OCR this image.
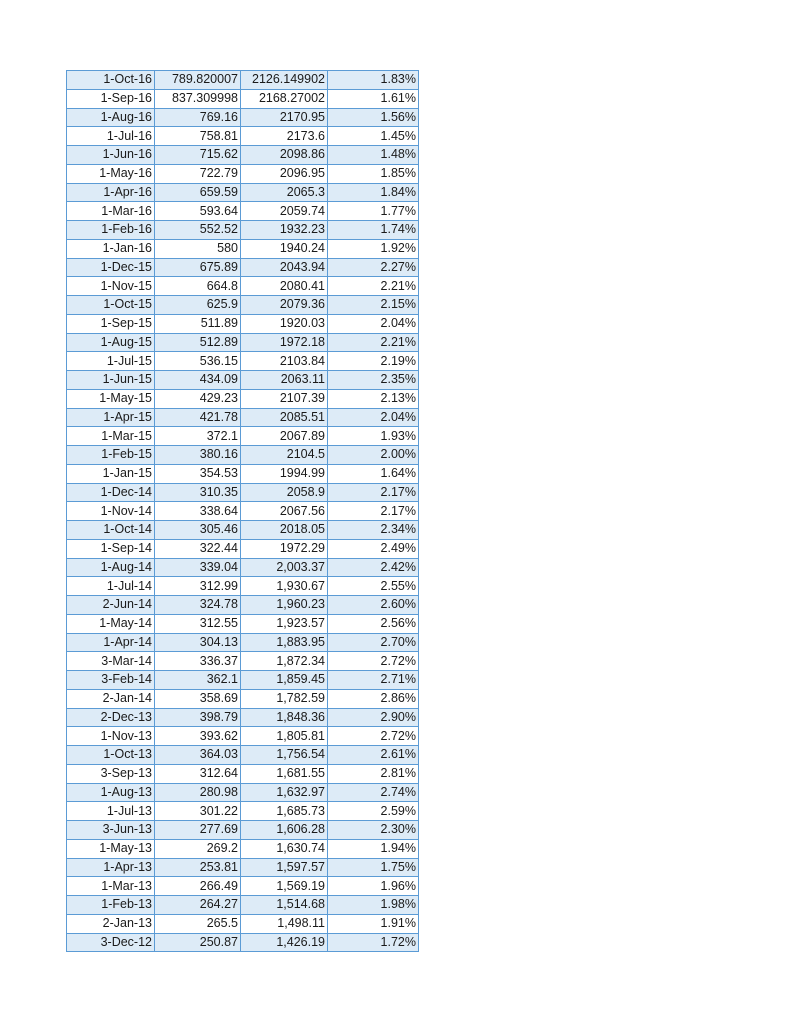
1-Oct-16	789.820007	2126.149902	1.83%
1-Sep-16	837.309998	2168.27002	1.61%
1-Aug-16	769.16	2170.95	1.56%
1-Jul-16	758.81	2173.6	1.45%
1-Jun-16	715.62	2098.86	1.48%
1-May-16	722.79	2096.95	1.85%
1-Apr-16	659.59	2065.3	1.84%
1-Mar-16	593.64	2059.74	1.77%
1-Feb-16	552.52	1932.23	1.74%
1-Jan-16	580	1940.24	1.92%
1-Dec-15	675.89	2043.94	2.27%
1-Nov-15	664.8	2080.41	2.21%
1-Oct-15	625.9	2079.36	2.15%
1-Sep-15	511.89	1920.03	2.04%
1-Aug-15	512.89	1972.18	2.21%
1-Jul-15	536.15	2103.84	2.19%
1-Jun-15	434.09	2063.11	2.35%
1-May-15	429.23	2107.39	2.13%
1-Apr-15	421.78	2085.51	2.04%
1-Mar-15	372.1	2067.89	1.93%
1-Feb-15	380.16	2104.5	2.00%
1-Jan-15	354.53	1994.99	1.64%
1-Dec-14	310.35	2058.9	2.17%
1-Nov-14	338.64	2067.56	2.17%
1-Oct-14	305.46	2018.05	2.34%
1-Sep-14	322.44	1972.29	2.49%
1-Aug-14	339.04	2,003.37	2.42%
1-Jul-14	312.99	1,930.67	2.55%
2-Jun-14	324.78	1,960.23	2.60%
1-May-14	312.55	1,923.57	2.56%
1-Apr-14	304.13	1,883.95	2.70%
3-Mar-14	336.37	1,872.34	2.72%
3-Feb-14	362.1	1,859.45	2.71%
2-Jan-14	358.69	1,782.59	2.86%
2-Dec-13	398.79	1,848.36	2.90%
1-Nov-13	393.62	1,805.81	2.72%
1-Oct-13	364.03	1,756.54	2.61%
3-Sep-13	312.64	1,681.55	2.81%
1-Aug-13	280.98	1,632.97	2.74%
1-Jul-13	301.22	1,685.73	2.59%
3-Jun-13	277.69	1,606.28	2.30%
1-May-13	269.2	1,630.74	1.94%
1-Apr-13	253.81	1,597.57	1.75%
1-Mar-13	266.49	1,569.19	1.96%
1-Feb-13	264.27	1,514.68	1.98%
2-Jan-13	265.5	1,498.11	1.91%
3-Dec-12	250.87	1,426.19	1.72%
